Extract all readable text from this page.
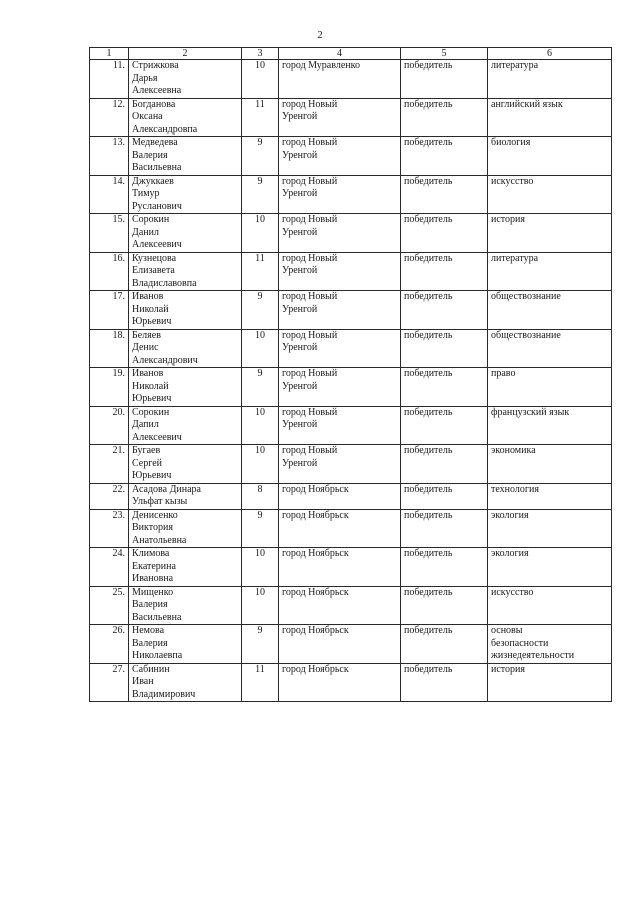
2
1	2	3	4	5	6
11.	Стрижкова
Дарья
Алексеевна	10	город Муравленко	победитель	литература
12.	Богданова
Оксана
Александровпа	11	город Новый
Уренгой	победитель	английский язык
13.	Медведева
Валерия
Васильевна	9	город Новый
Уренгой	победитель	биология
14.	Джуккаев
Тимур
Русланович	9	город Новый
Уренгой	победитель	искусство
15.	Сорокин
Данил
Алексеевич	10	город Новый
Уренгой	победитель	история
16.	Кузнецова
Елизавета
Владиславовпа	11	город Новый
Уренгой	победитель	литература
17.	Иванов
Николай
Юрьевич	9	город Новый
Уренгой	победитель	обществознание
18.	Беляев
Денис
Александрович	10	город Новый
Уренгой	победитель	обществознание
19.	Иванов
Николай
Юрьевич	9	город Новый
Уренгой	победитель	право
20.	Сорокин
Дапил
Алексеевич	10	город Новый
Уренгой	победитель	французский язык
21.	Бугаев
Сергей
Юрьевич	10	город Новый
Уренгой	победитель	экономика
22.	Асадова Динара
Ульфат кызы	8	город Ноябрьск	победитель	технология
23.	Денисенко
Виктория
Анатольевна	9	город Ноябрьск	победитель	экология
24.	Климова
Екатерина
Ивановна	10	город Ноябрьск	победитель	экология
25.	Мищенко
Валерия
Васильевна	10	город Ноябрьск	победитель	искусство
26.	Немова
Валерия
Николаевпа	9	город Ноябрьск	победитель	основы
безопасности
жизнедеятельности
27.	Сабинин
Иван
Владимирович	11	город Ноябрьск	победитель	история
